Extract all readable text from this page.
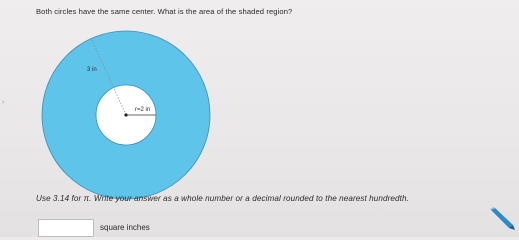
Both circles have the same center. What is the area of the shaded region?
›
3 in
r=2 in
Use 3.14 for π. Write your answer as a whole number or a decimal rounded to the nearest hundredth.
square inches
